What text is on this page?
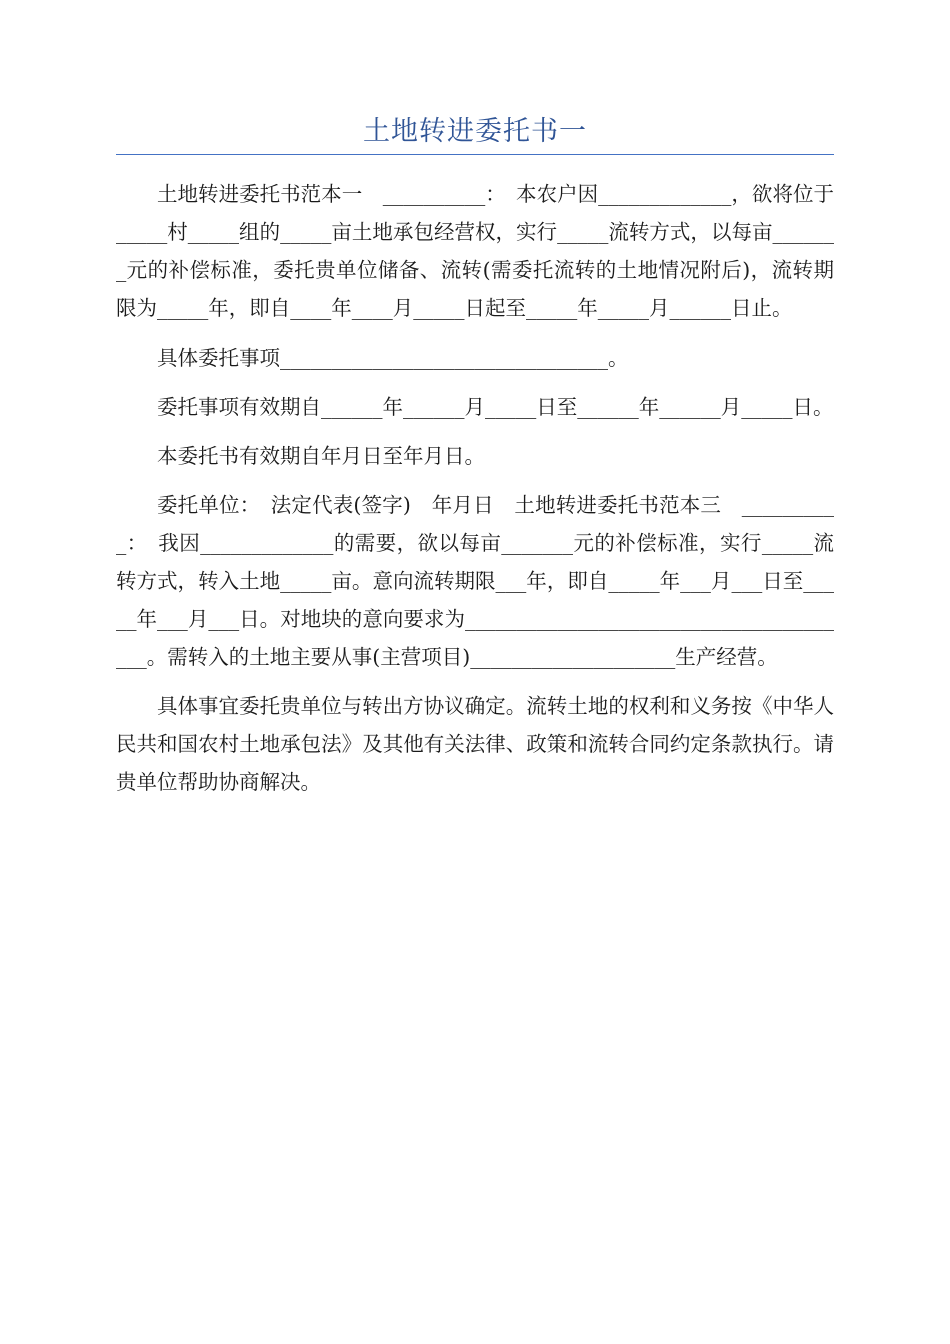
土地转进委托书一

土地转进委托书范本一　__________：　本农户因_____________，欲将位于_____村_____组的_____亩土地承包经营权，实行_____流转方式，以每亩_______元的补偿标准，委托贵单位储备、流转(需委托流转的土地情况附后)，流转期限为_____年，即自____年____月_____日起至_____年_____月______日止。

具体委托事项________________________________。

委托事项有效期自______年______月_____日至______年______月_____日。

本委托书有效期自年月日至年月日。

委托单位：　法定代表(签字)　年月日　土地转进委托书范本三　__________：　我因_____________的需要，欲以每亩_______元的补偿标准，实行_____流转方式，转入土地_____亩。意向流转期限___年，即自_____年___月___日至_____年___月___日。对地块的意向要求为_______________________________________。需转入的土地主要从事(主营项目)____________________生产经营。

具体事宜委托贵单位与转出方协议确定。流转土地的权利和义务按《中华人民共和国农村土地承包法》及其他有关法律、政策和流转合同约定条款执行。请贵单位帮助协商解决。
